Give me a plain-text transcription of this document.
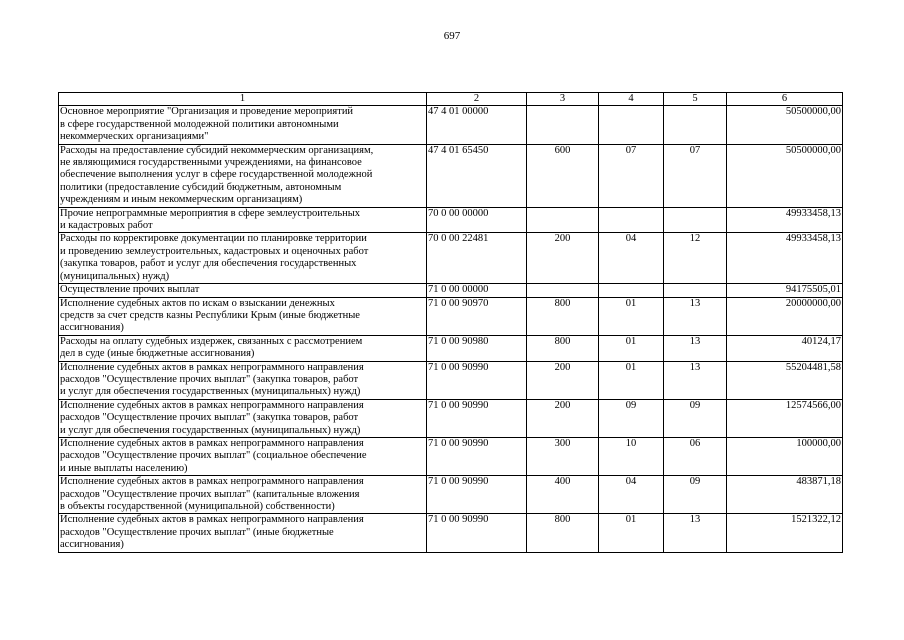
697
1	2	3	4	5	6

Основное мероприятие "Организация и проведение мероприятий
в сфере государственной молодежной политики автономными
некоммерческих организациями"	47 4 01 00000				50500000,00

Расходы на предоставление субсидий некоммерческим организациям,
не являющимися государственными учреждениями, на финансовое
обеспечение выполнения услуг в сфере государственной молодежной
политики (предоставление субсидий бюджетным, автономным
учреждениям и иным некоммерческим организациям)	47 4 01 65450	600	07	07	50500000,00

Прочие непрограммные мероприятия в сфере землеустроительных
и кадастровых работ	70 0 00 00000				49933458,13

Расходы по корректировке документации по планировке территории
и проведению землеустроительных, кадастровых и оценочных работ
(закупка товаров, работ и услуг для обеспечения государственных
(муниципальных) нужд)	70 0 00 22481	200	04	12	49933458,13

Осуществление прочих выплат	71 0 00 00000				94175505,01

Исполнение судебных актов по искам о взыскании денежных
средств за счет средств казны Республики Крым (иные бюджетные
ассигнования)	71 0 00 90970	800	01	13	20000000,00

Расходы на оплату судебных издержек, связанных с рассмотрением
дел в суде (иные бюджетные ассигнования)	71 0 00 90980	800	01	13	40124,17

Исполнение судебных актов в рамках непрограммного направления
расходов "Осуществление прочих выплат" (закупка товаров, работ
и услуг для обеспечения государственных (муниципальных) нужд)	71 0 00 90990	200	01	13	55204481,58

Исполнение судебных актов в рамках непрограммного направления
расходов "Осуществление прочих выплат" (закупка товаров, работ
и услуг для обеспечения государственных (муниципальных) нужд)	71 0 00 90990	200	09	09	12574566,00

Исполнение судебных актов в рамках непрограммного направления
расходов "Осуществление прочих выплат" (социальное обеспечение
и иные выплаты населению)	71 0 00 90990	300	10	06	100000,00

Исполнение судебных актов в рамках непрограммного направления
расходов "Осуществление прочих выплат" (капитальные вложения
в объекты государственной (муниципальной) собственности)	71 0 00 90990	400	04	09	483871,18

Исполнение судебных актов в рамках непрограммного направления
расходов "Осуществление прочих выплат" (иные бюджетные
ассигнования)	71 0 00 90990	800	01	13	1521322,12
